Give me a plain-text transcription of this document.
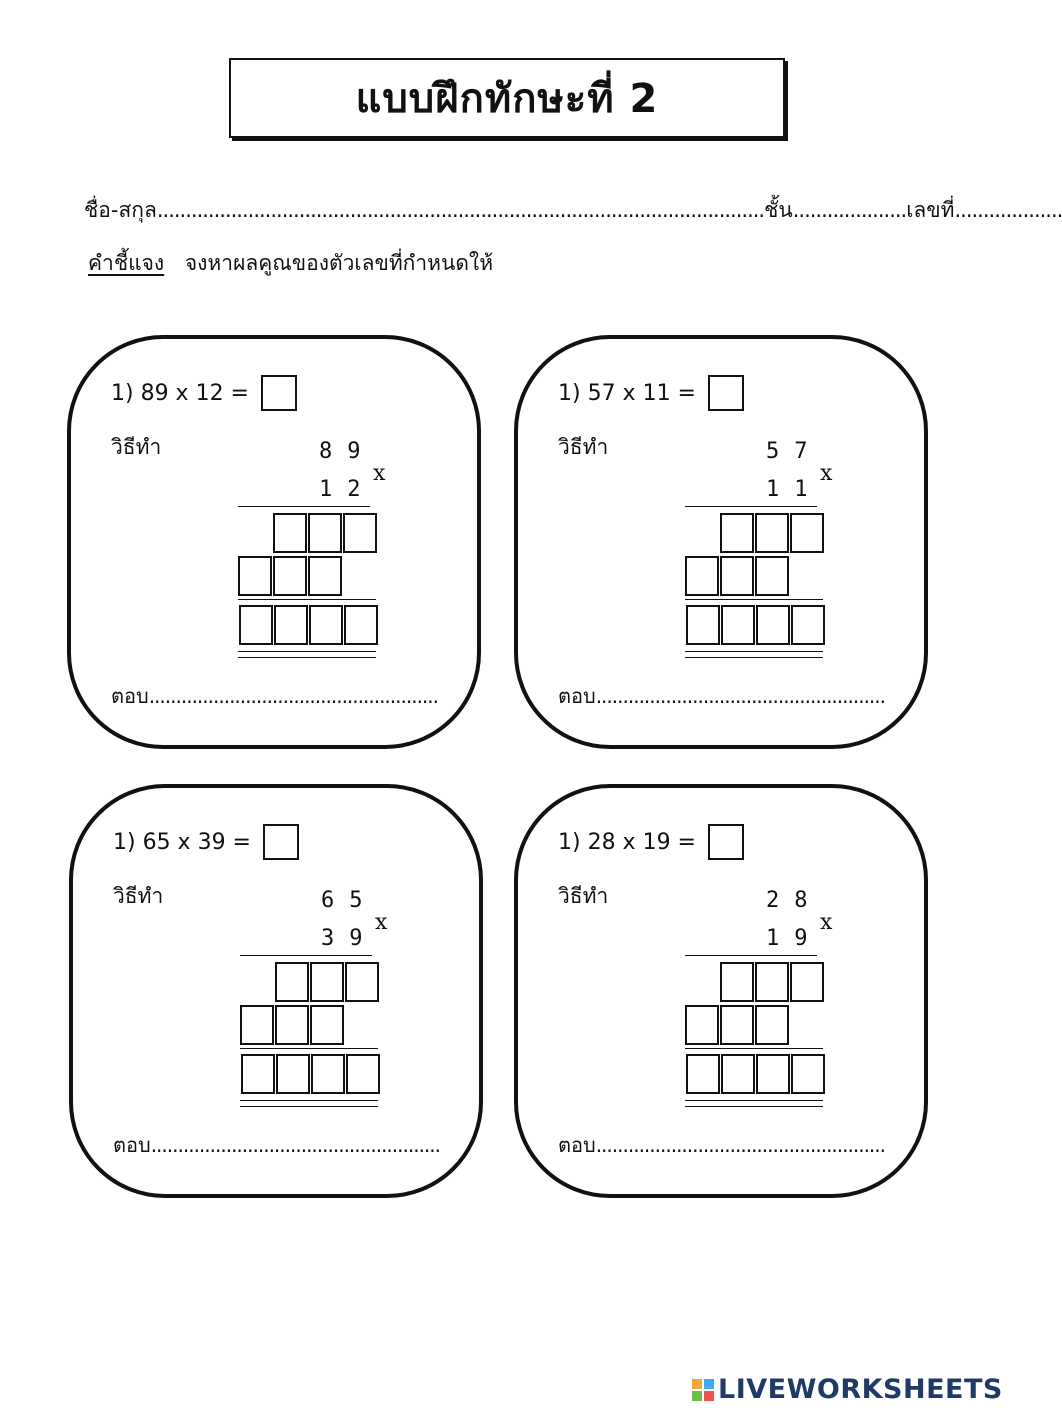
แบบฝึกทักษะที่ 2
ชื่อ-สกุล...........................................................................................................ชั้น....................เลขที่...................
คำชี้แจง จงหาผลคูณของตัวเลขที่กำหนดให้
1) 89 x 12 =
วิธีทำ	89
x
12
ตอบ......................................................
1) 57 x 11 =
วิธีทำ	57
x
11
ตอบ......................................................
1) 65 x 39 =
วิธีทำ	65
x
39
ตอบ......................................................
1) 28 x 19 =
วิธีทำ	28
x
19
ตอบ......................................................
LIVEWORKSHEETS
